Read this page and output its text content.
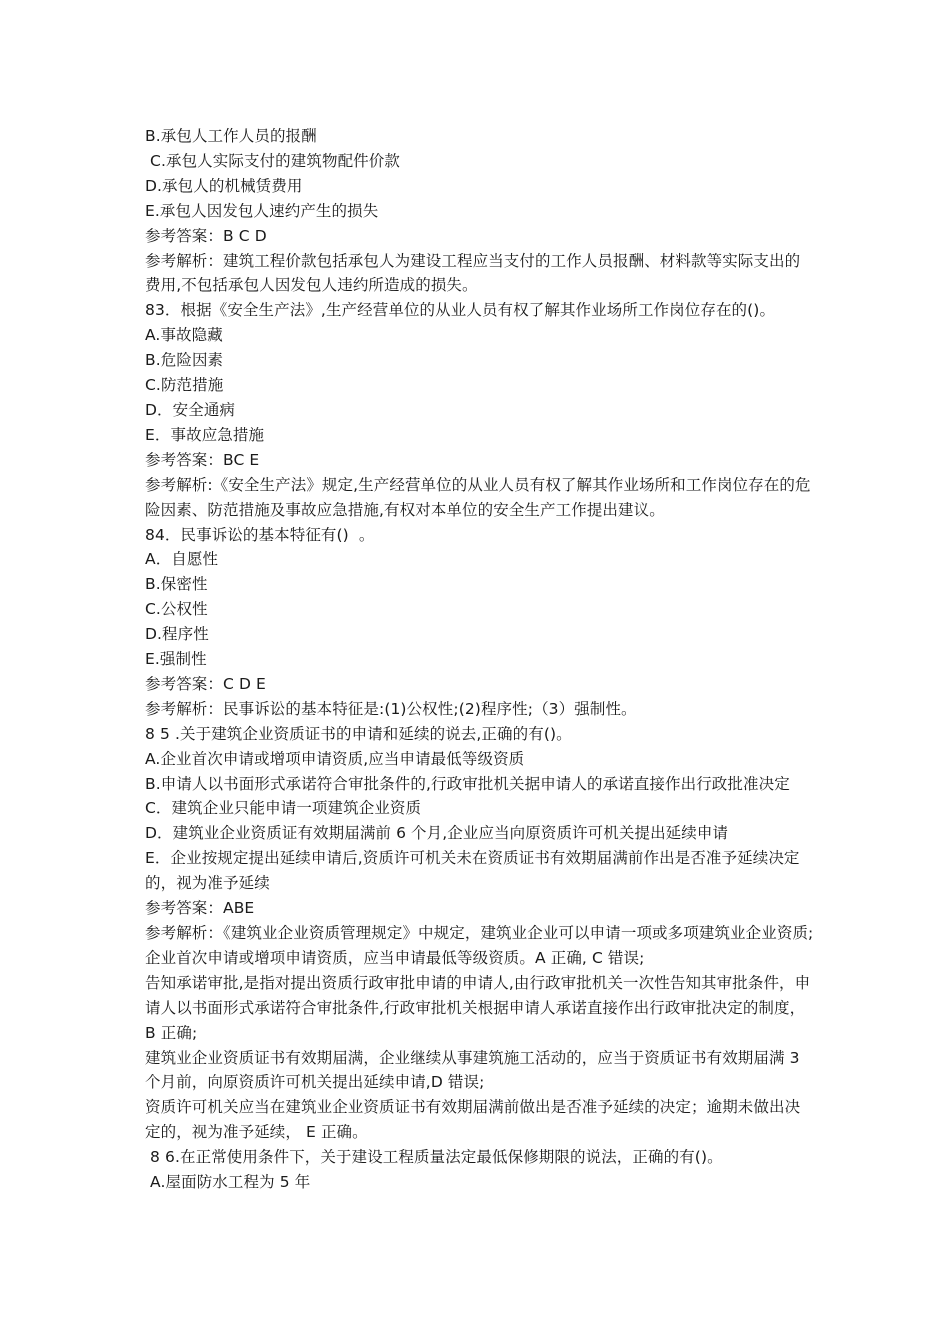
B.承包人工作人员的报酬

C.承包人实际支付的建筑物配件价款

D.承包人的机械赁费用

E.承包人因发包人速约产生的损失

参考答案：B C D

参考解析：建筑工程价款包括承包人为建设工程应当支付的工作人员报酬、材料款等实际支出的费用,不包括承包人因发包人违约所造成的损失。

83．根据《安全生产法》,生产经营单位的从业人员有权了解其作业场所工作岗位存在的()。

A.事故隐藏

B.危险因素

C.防范措施

D．安全通病

E．事故应急措施

参考答案：BC E

参考解析:《安全生产法》规定,生产经营单位的从业人员有权了解其作业场所和工作岗位存在的危险因素、防范措施及事故应急措施,有权对本单位的安全生产工作提出建议。

84．民事诉讼的基本特征有()  。

A．自愿性

B.保密性

C.公权性

D.程序性

E.强制性

参考答案：C D E

参考解析：民事诉讼的基本特征是:(1)公权性;(2)程序性;（3）强制性。

8 5 .关于建筑企业资质证书的申请和延续的说去,正确的有()。

A.企业首次申请或增项申请资质,应当申请最低等级资质

B.申请人以书面形式承诺符合审批条件的,行政审批机关据申请人的承诺直接作出行政批准决定

C．建筑企业只能申请一项建筑企业资质

D．建筑业企业资质证有效期届满前 6 个月,企业应当向原资质许可机关提出延续申请

E．企业按规定提出延续申请后,资质许可机关未在资质证书有效期届满前作出是否准予延续决定的，视为准予延续

参考答案：ABE

参考解析：《建筑业企业资质管理规定》中规定，建筑业企业可以申请一项或多项建筑业企业资质;企业首次申请或增项申请资质，应当申请最低等级资质。A 正确, C 错误;

告知承诺审批,是指对提出资质行政审批申请的申请人,由行政审批机关一次性告知其审批条件，申请人以书面形式承诺符合审批条件,行政审批机关根据申请人承诺直接作出行政审批决定的制度， B 正确;

建筑业企业资质证书有效期届满，企业继续从事建筑施工活动的，应当于资质证书有效期届满 3    个月前，向原资质许可机关提出延续申请,D 错误;

资质许可机关应当在建筑业企业资质证书有效期届满前做出是否准予延续的决定；逾期未做出决定的，视为准予延续， E 正确。

8 6.在正常使用条件下，关于建设工程质量法定最低保修期限的说法，正确的有()。

A.屋面防水工程为 5 年
